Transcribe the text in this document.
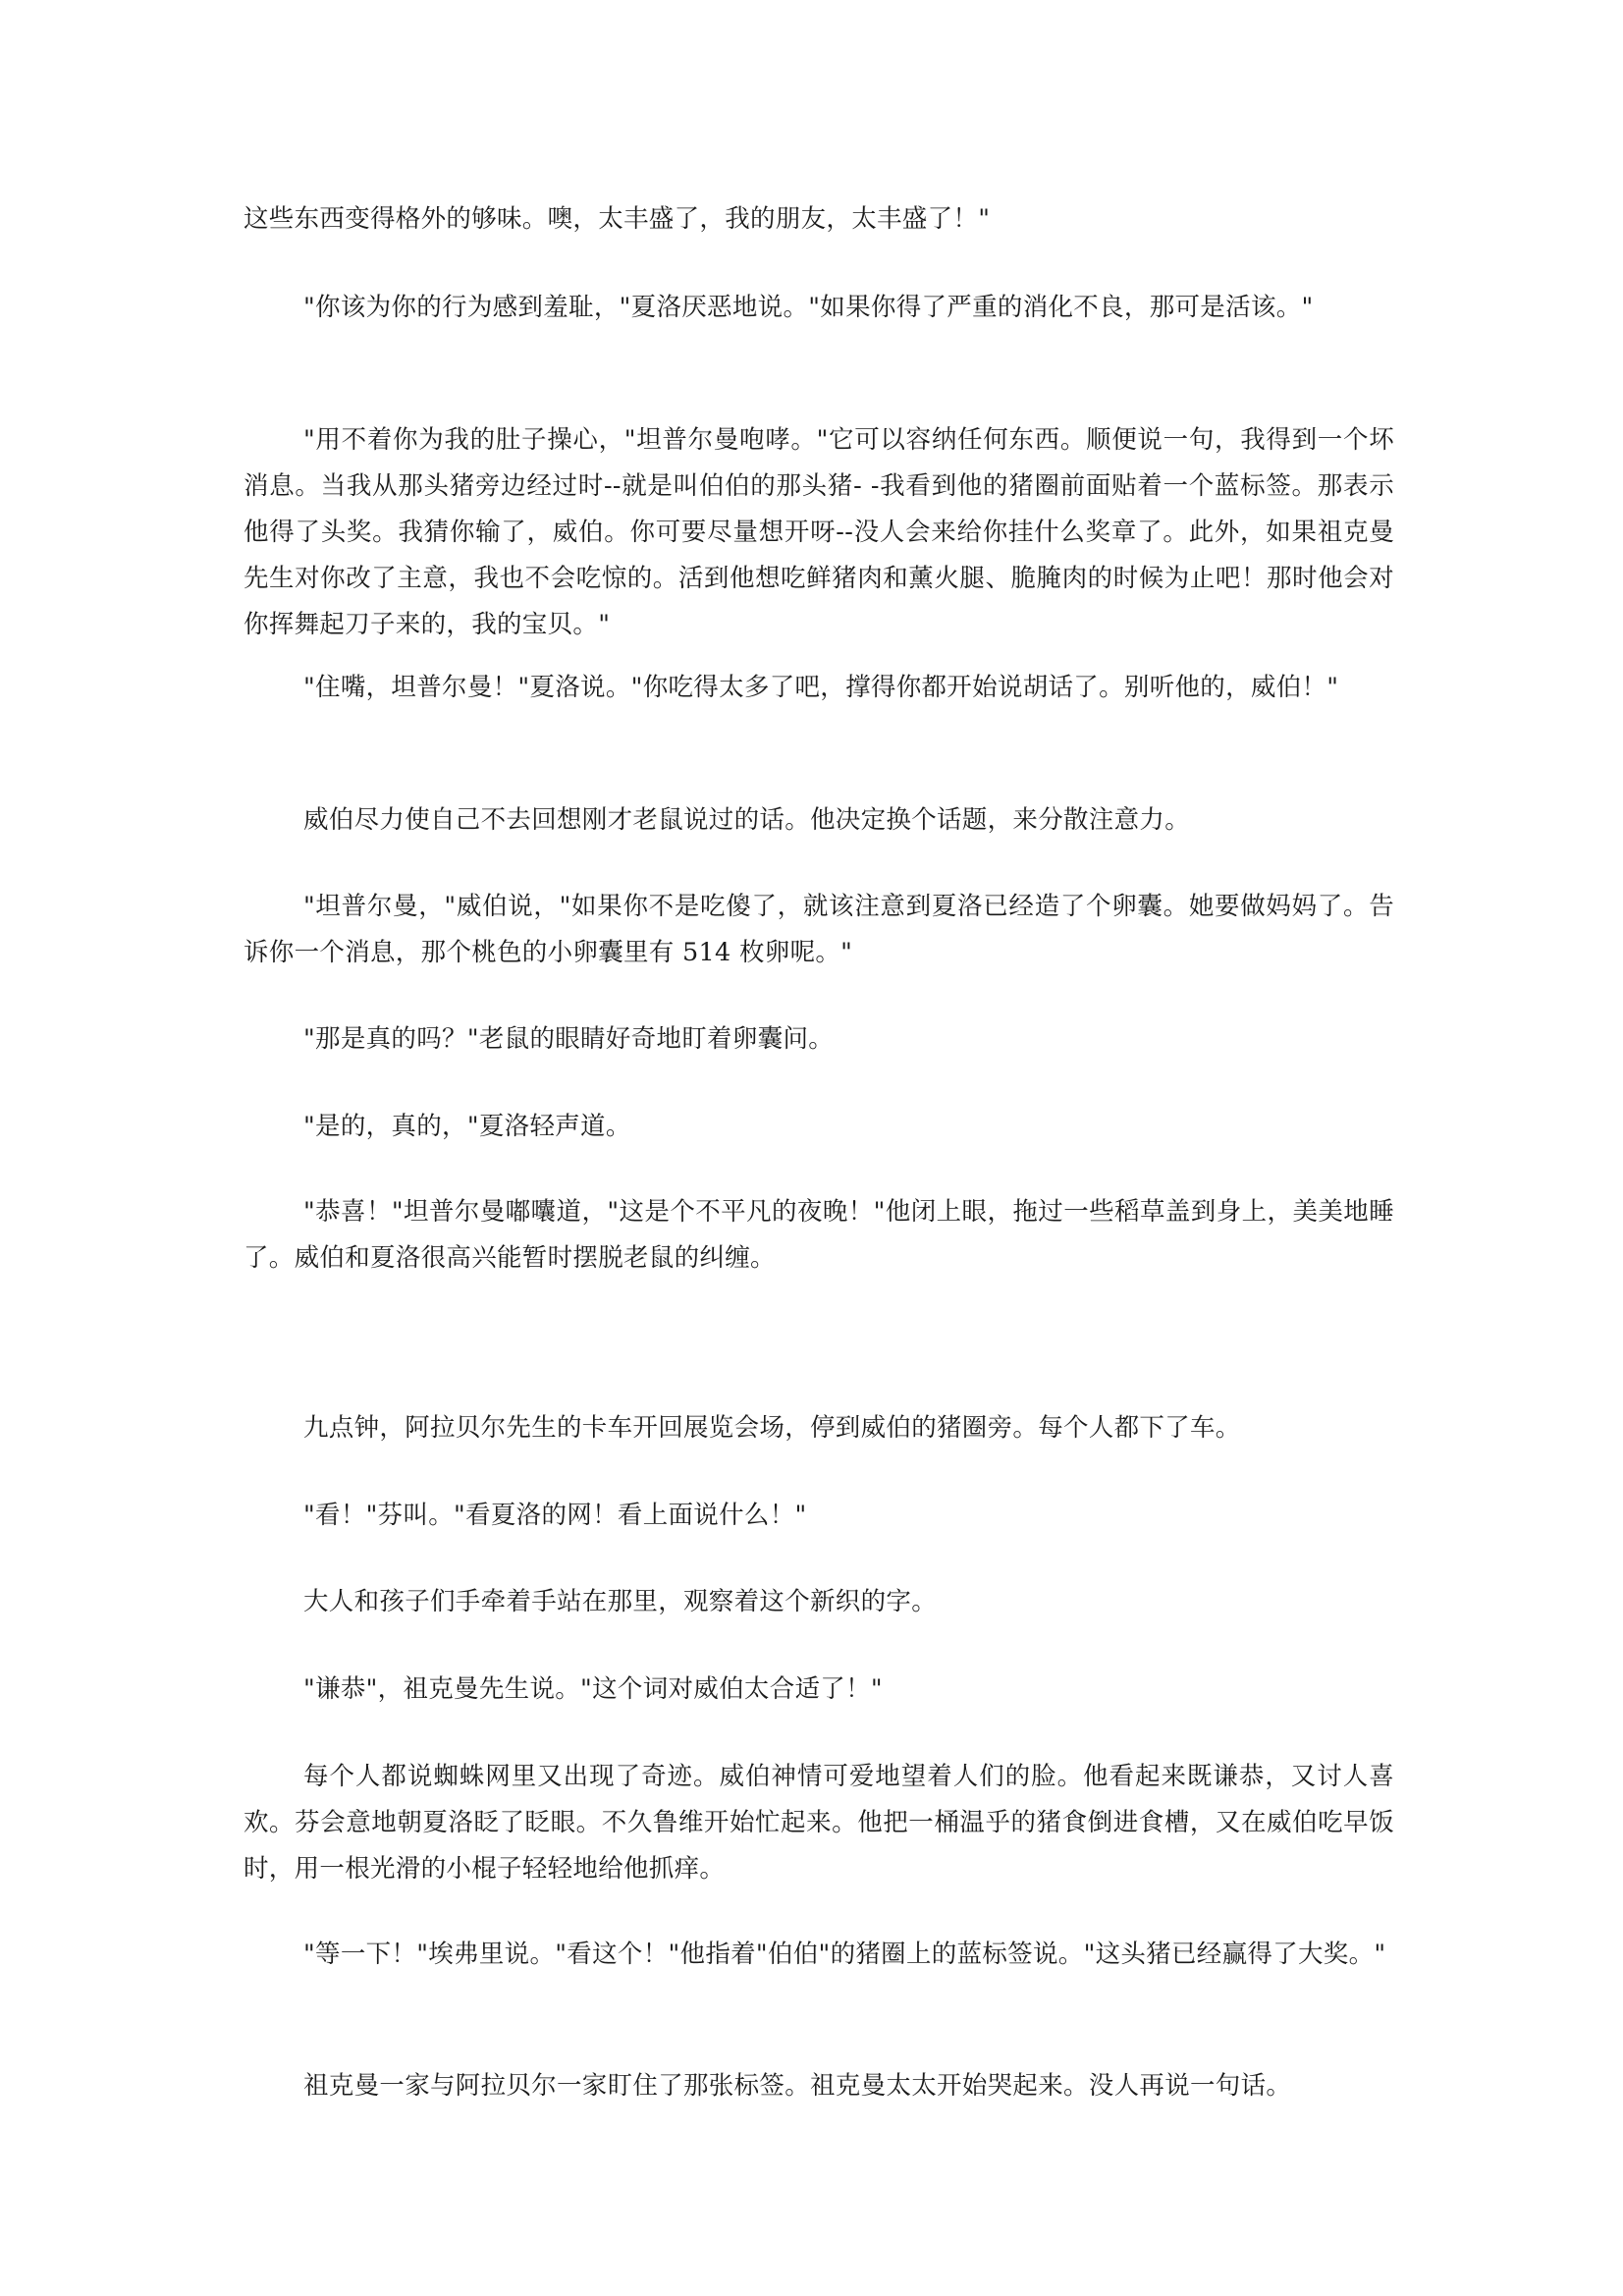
这些东西变得格外的够味。噢，太丰盛了，我的朋友，太丰盛了！"

"你该为你的行为感到羞耻，"夏洛厌恶地说。"如果你得了严重的消化不良，那可是活该。"

"用不着你为我的肚子操心，"坦普尔曼咆哮。"它可以容纳任何东西。顺便说一句，我得到一个坏消息。当我从那头猪旁边经过时--就是叫伯伯的那头猪- -我看到他的猪圈前面贴着一个蓝标签。那表示他得了头奖。我猜你输了，威伯。你可要尽量想开呀--没人会来给你挂什么奖章了。此外，如果祖克曼先生对你改了主意，我也不会吃惊的。活到他想吃鲜猪肉和薰火腿、脆腌肉的时候为止吧！那时他会对你挥舞起刀子来的，我的宝贝。"

"住嘴，坦普尔曼！"夏洛说。"你吃得太多了吧，撑得你都开始说胡话了。别听他的，威伯！"

威伯尽力使自己不去回想刚才老鼠说过的话。他决定换个话题，来分散注意力。

"坦普尔曼，"威伯说，"如果你不是吃傻了，就该注意到夏洛已经造了个卵囊。她要做妈妈了。告诉你一个消息，那个桃色的小卵囊里有 514 枚卵呢。"

"那是真的吗？"老鼠的眼睛好奇地盯着卵囊问。

"是的，真的，"夏洛轻声道。

"恭喜！"坦普尔曼嘟囔道，"这是个不平凡的夜晚！"他闭上眼，拖过一些稻草盖到身上，美美地睡了。威伯和夏洛很高兴能暂时摆脱老鼠的纠缠。

九点钟，阿拉贝尔先生的卡车开回展览会场，停到威伯的猪圈旁。每个人都下了车。

"看！"芬叫。"看夏洛的网！看上面说什么！"

大人和孩子们手牵着手站在那里，观察着这个新织的字。

"谦恭"，祖克曼先生说。"这个词对威伯太合适了！"

每个人都说蜘蛛网里又出现了奇迹。威伯神情可爱地望着人们的脸。他看起来既谦恭，又讨人喜欢。芬会意地朝夏洛眨了眨眼。不久鲁维开始忙起来。他把一桶温乎的猪食倒进食槽，又在威伯吃早饭时，用一根光滑的小棍子轻轻地给他抓痒。

"等一下！"埃弗里说。"看这个！"他指着"伯伯"的猪圈上的蓝标签说。"这头猪已经赢得了大奖。"

祖克曼一家与阿拉贝尔一家盯住了那张标签。祖克曼太太开始哭起来。没人再说一句话。
